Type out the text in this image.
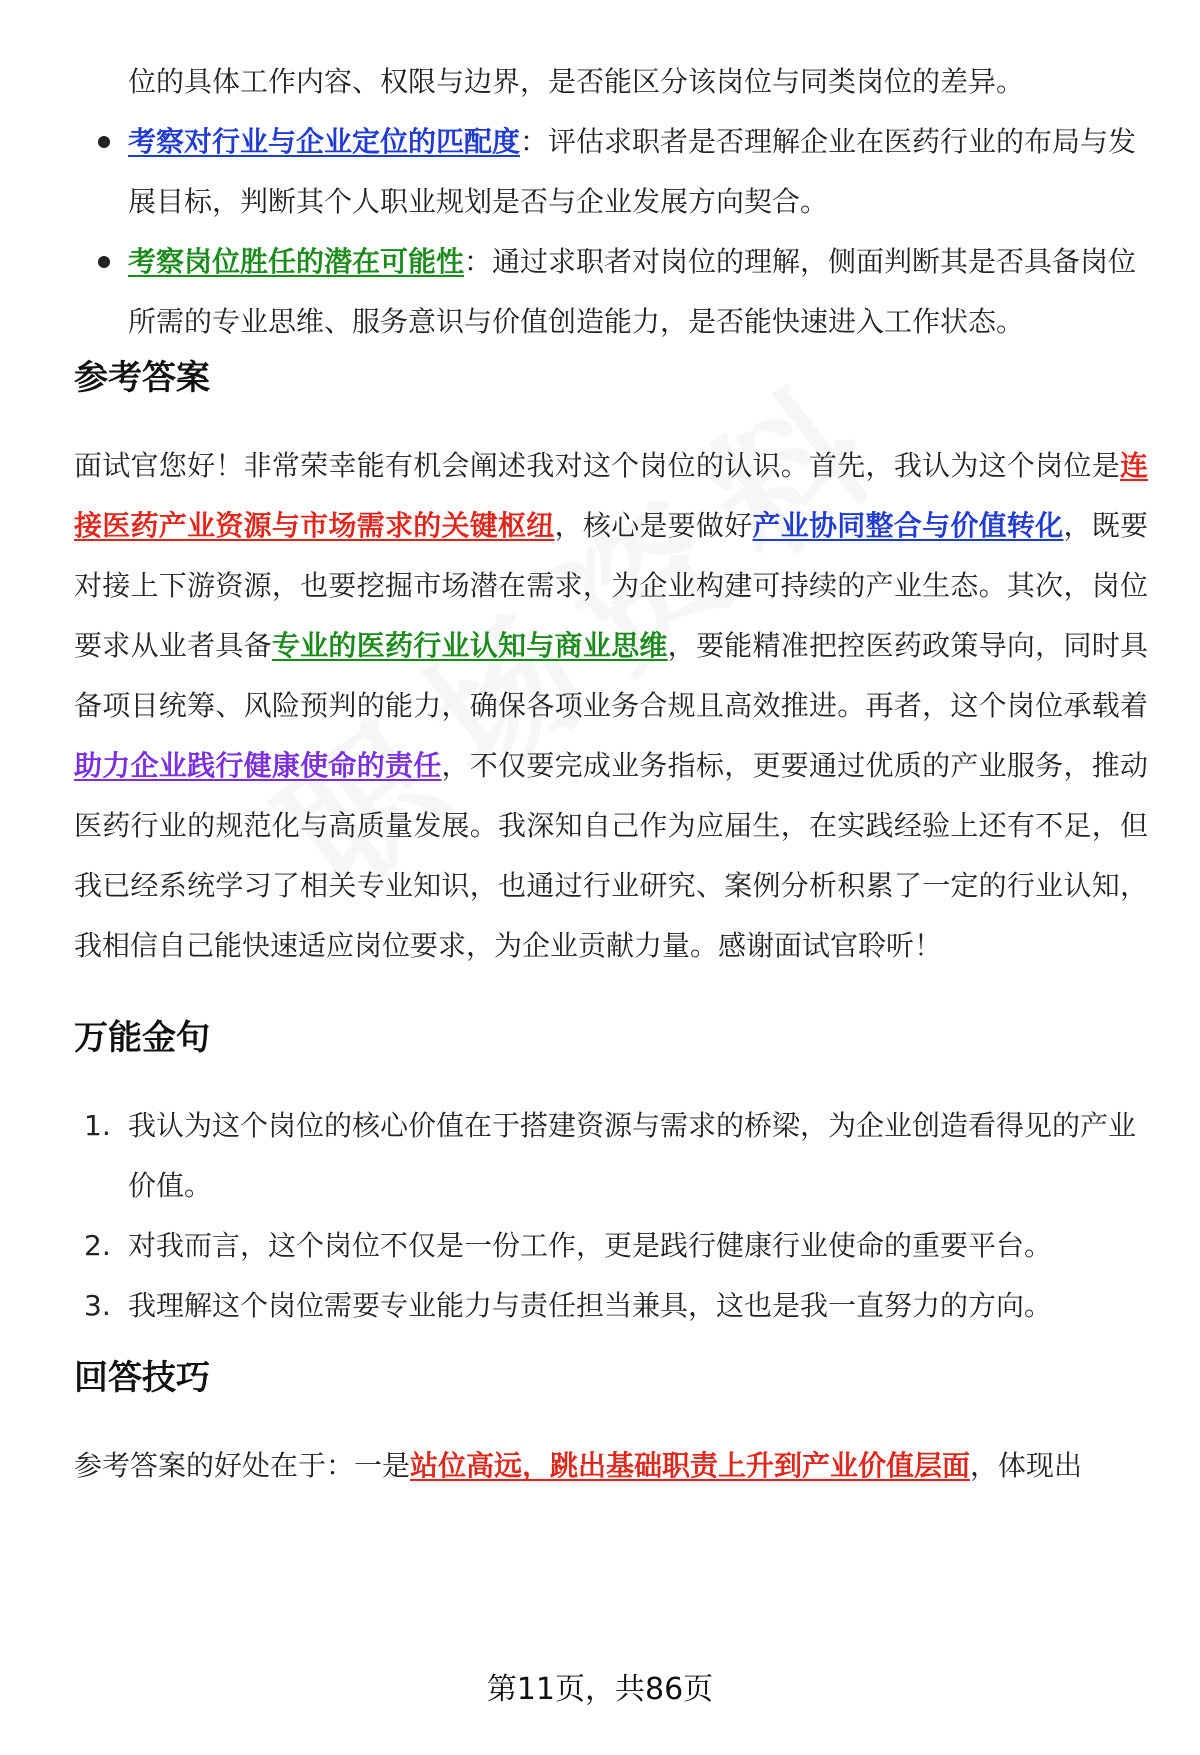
位的具体工作内容、权限与边界，是否能区分该岗位与同类岗位的差异。
考察对行业与企业定位的匹配度：评估求职者是否理解企业在医药行业的布局与发展目标，判断其个人职业规划是否与企业发展方向契合。
考察岗位胜任的潜在可能性：通过求职者对岗位的理解，侧面判断其是否具备岗位所需的专业思维、服务意识与价值创造能力，是否能快速进入工作状态。
参考答案
面试官您好！非常荣幸能有机会阐述我对这个岗位的认识。首先，我认为这个岗位是连接医药产业资源与市场需求的关键枢纽，核心是要做好产业协同整合与价值转化，既要对接上下游资源，也要挖掘市场潜在需求，为企业构建可持续的产业生态。其次，岗位要求从业者具备专业的医药行业认知与商业思维，要能精准把控医药政策导向，同时具备项目统筹、风险预判的能力，确保各项业务合规且高效推进。再者，这个岗位承载着助力企业践行健康使命的责任，不仅要完成业务指标，更要通过优质的产业服务，推动医药行业的规范化与高质量发展。我深知自己作为应届生，在实践经验上还有不足，但我已经系统学习了相关专业知识，也通过行业研究、案例分析积累了一定的行业认知，我相信自己能快速适应岗位要求，为企业贡献力量。感谢面试官聆听！
万能金句
1. 我认为这个岗位的核心价值在于搭建资源与需求的桥梁，为企业创造看得见的产业价值。
2. 对我而言，这个岗位不仅是一份工作，更是践行健康行业使命的重要平台。
3. 我理解这个岗位需要专业能力与责任担当兼具，这也是我一直努力的方向。
回答技巧
参考答案的好处在于：一是站位高远，跳出基础职责上升到产业价值层面，体现出
第11页，共86页
